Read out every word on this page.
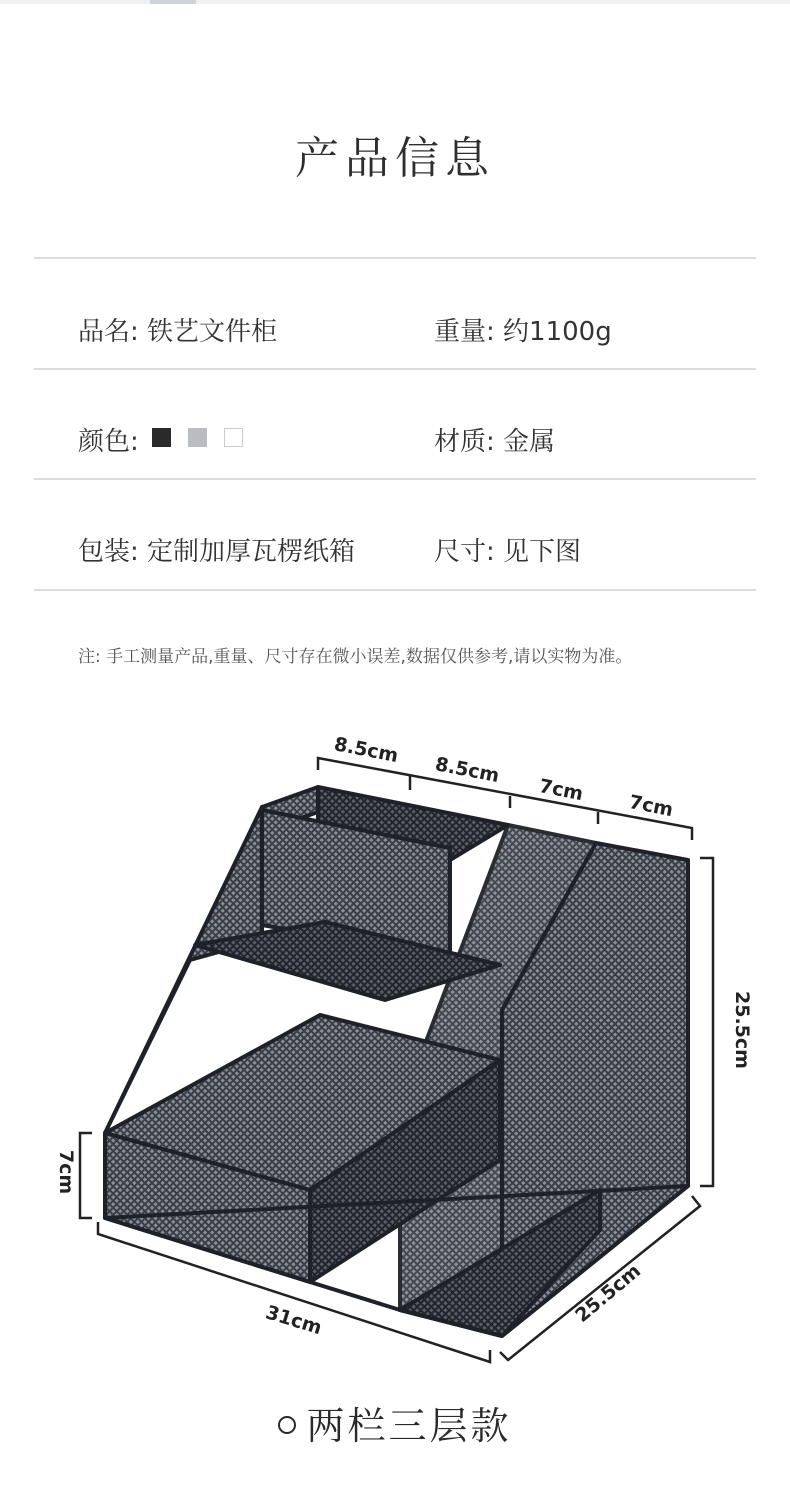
产品信息
品名: 铁艺文件柜	重量: 约1100g
颜色:	材质: 金属
包装: 定制加厚瓦楞纸箱	尺寸: 见下图
注: 手工测量产品,重量、尺寸存在微小误差,数据仅供参考,请以实物为准。
8.5cm
8.5cm
7cm
7cm
25.5cm
7cm
31cm	25.5cm
两栏三层款
